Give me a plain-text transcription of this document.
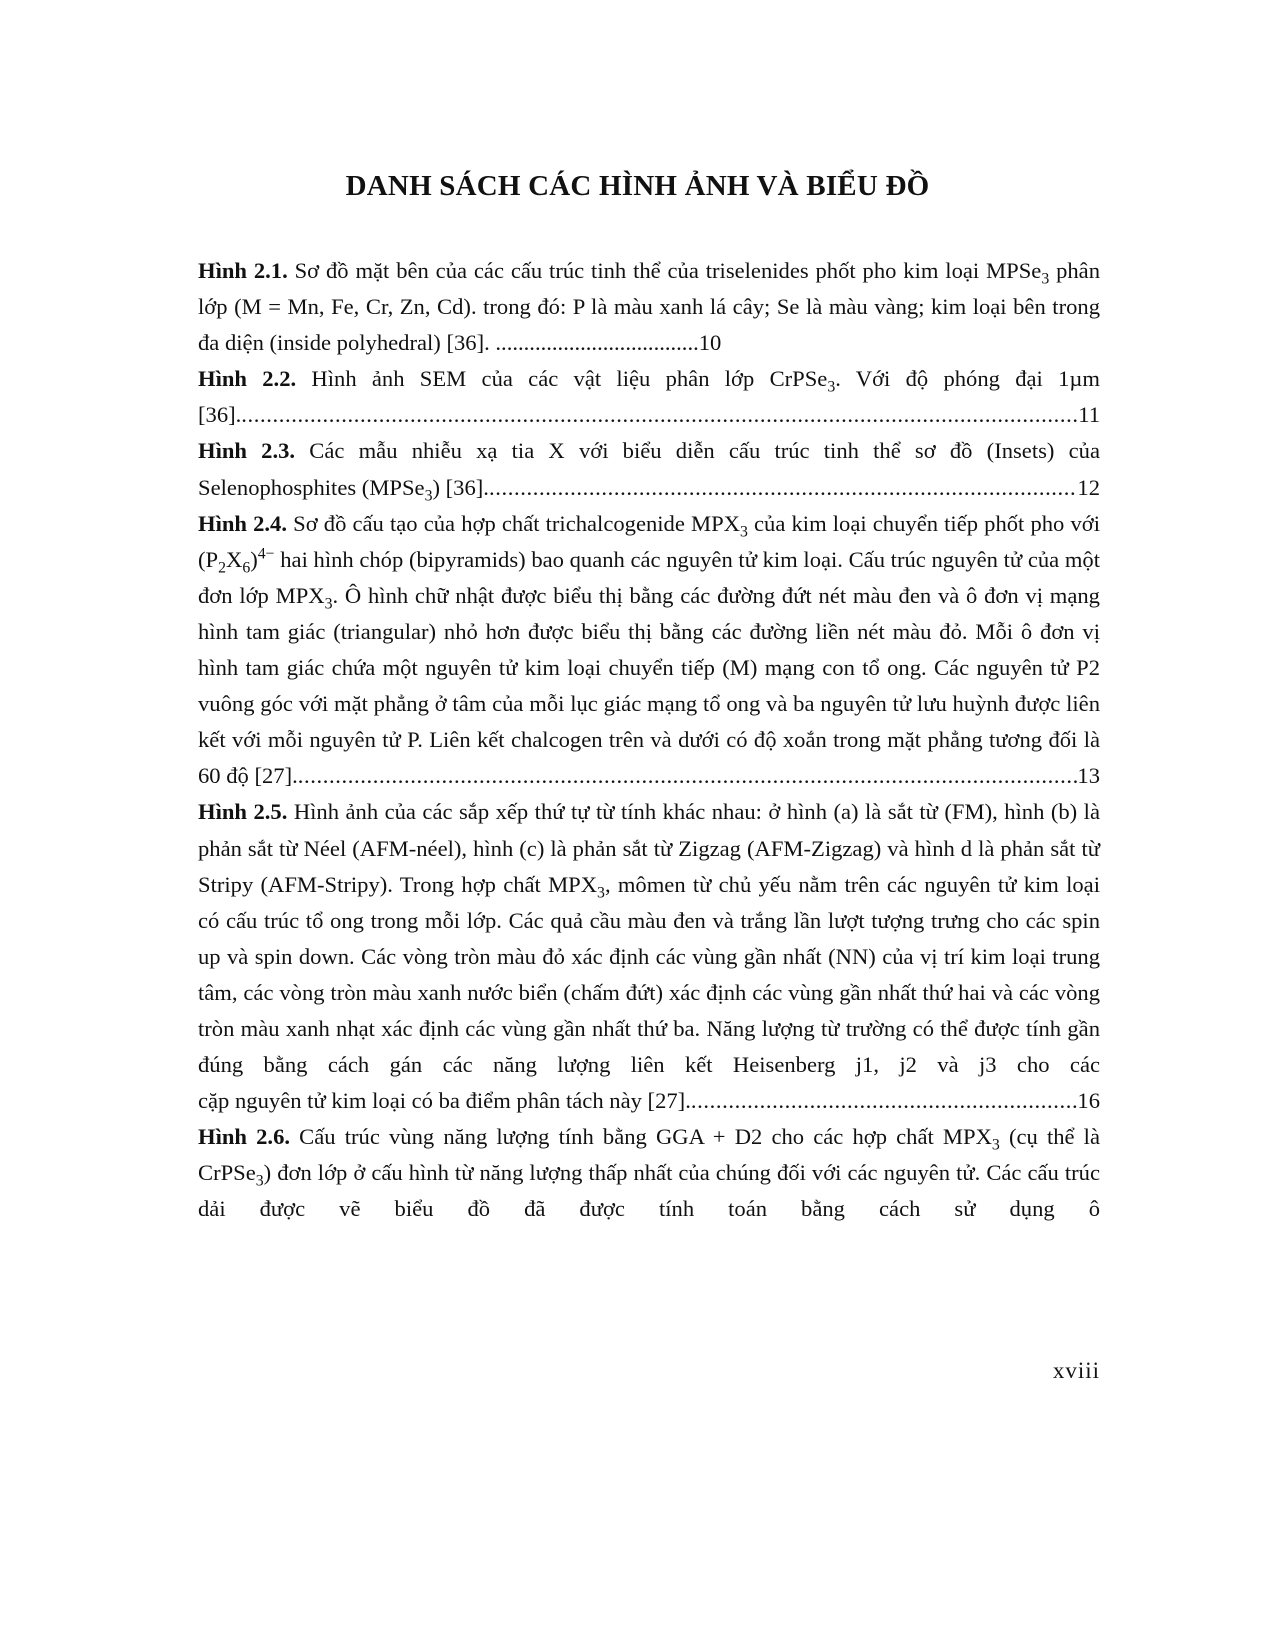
DANH SÁCH CÁC HÌNH ẢNH VÀ BIỂU ĐỒ
Hình 2.1. Sơ đồ mặt bên của các cấu trúc tinh thể của triselenides phốt pho kim loại MPSe$_3$ phân lớp (M = Mn, Fe, Cr, Zn, Cd). trong đó: P là màu xanh lá cây; Se là màu vàng; kim loại bên trong đa diện (inside polyhedral) [36]. ....................................10
Hình 2.2. Hình ảnh SEM của các vật liệu phân lớp CrPSe$_3$. Với độ phóng đại 1µm
[36]. .....	11
Hình 2.3. Các mẫu nhiễu xạ tia X với biểu diễn cấu trúc tinh thể sơ đồ (Insets) của
Selenophosphites (MPSe$_3$) [36]. .....	12
Hình 2.4. Sơ đồ cấu tạo của hợp chất trichalcogenide $MPX_3$ của kim loại chuyển tiếp phốt pho với $(P_2X_6)^{4-}$ hai hình chóp (bipyramids) bao quanh các nguyên tử kim loại. Cấu trúc nguyên tử của một đơn lớp $MPX_3$. Ô hình chữ nhật được biểu thị bằng các đường đứt nét màu đen và ô đơn vị mạng hình tam giác (triangular) nhỏ hơn được biểu thị bằng các đường liền nét màu đỏ. Mỗi ô đơn vị hình tam giác chứa một nguyên tử kim loại chuyển tiếp (M) mạng con tổ ong. Các nguyên tử P2 vuông góc với mặt phẳng ở tâm của mỗi lục giác mạng tổ ong và ba nguyên tử lưu huỳnh được liên kết với mỗi nguyên tử P. Liên kết chalcogen trên và dưới có độ xoắn trong mặt phẳng tương đối là
60 độ [27]. .....	13
Hình 2.5. Hình ảnh của các sắp xếp thứ tự từ tính khác nhau: ở hình (a) là sắt từ (FM), hình (b) là phản sắt từ Néel (AFM-néel), hình (c) là phản sắt từ Zigzag (AFM-Zigzag) và hình d là phản sắt từ Stripy (AFM-Stripy). Trong hợp chất $MPX_3$, mômen từ chủ yếu nằm trên các nguyên tử kim loại có cấu trúc tổ ong trong mỗi lớp. Các quả cầu màu đen và trắng lần lượt tượng trưng cho các spin up và spin down. Các vòng tròn màu đỏ xác định các vùng gần nhất (NN) của vị trí kim loại trung tâm, các vòng tròn màu xanh nước biển (chấm đứt) xác định các vùng gần nhất thứ hai và các vòng tròn màu xanh nhạt xác định các vùng gần nhất thứ ba. Năng lượng từ trường có thể được tính gần đúng bằng cách gán các năng lượng liên kết Heisenberg j1, j2 và j3 cho các
cặp nguyên tử kim loại có ba điểm phân tách này [27]. .....	16
Hình 2.6. Cấu trúc vùng năng lượng tính bằng GGA + D2 cho các hợp chất $MPX_3$ (cụ thể là CrPSe$_3$) đơn lớp ở cấu hình từ năng lượng thấp nhất của chúng đối với các nguyên tử. Các cấu trúc dải được vẽ biểu đồ đã được tính toán bằng cách sử dụng ô
xviii
